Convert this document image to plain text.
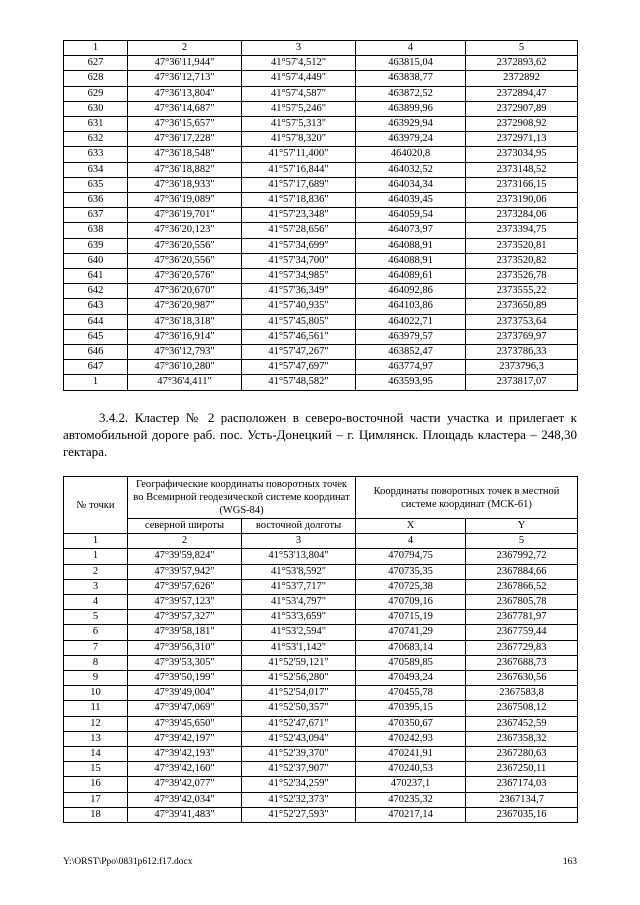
1	2	3	4	5
627	47°36'11,944"	41°57'4,512"	463815,04	2372893,62
628	47°36'12,713"	41°57'4,449"	463838,77	2372892
629	47°36'13,804"	41°57'4,587"	463872,52	2372894,47
630	47°36'14,687"	41°57'5,246"	463899,96	2372907,89
631	47°36'15,657"	41°57'5,313"	463929,94	2372908,92
632	47°36'17,228"	41°57'8,320"	463979,24	2372971,13
633	47°36'18,548"	41°57'11,400"	464020,8	2373034,95
634	47°36'18,882"	41°57'16,844"	464032,52	2373148,52
635	47°36'18,933"	41°57'17,689"	464034,34	2373166,15
636	47°36'19,089"	41°57'18,836"	464039,45	2373190,06
637	47°36'19,701"	41°57'23,348"	464059,54	2373284,06
638	47°36'20,123"	41°57'28,656"	464073,97	2373394,75
639	47°36'20,556"	41°57'34,699"	464088,91	2373520,81
640	47°36'20,556"	41°57'34,700"	464088,91	2373520,82
641	47°36'20,576"	41°57'34,985"	464089,61	2373526,78
642	47°36'20,670"	41°57'36,349"	464092,86	2373555,22
643	47°36'20,987"	41°57'40,935"	464103,86	2373650,89
644	47°36'18,318"	41°57'45,805"	464022,71	2373753,64
645	47°36'16,914"	41°57'46,561"	463979,57	2373769,97
646	47°36'12,793"	41°57'47,267"	463852,47	2373786,33
647	47°36'10,280"	41°57'47,697"	463774,97	2373796,3
1	47°36'4,411"	41°57'48,582"	463593,95	2373817,07
3.4.2. Кластер № 2 расположен в северо-восточной части участка и прилегает к автомобильной дороге раб. пос. Усть-Донецкий – г. Цимлянск. Площадь кластера – 248,30 гектара.
№ точки	Географические координаты поворотных точек во Всемирной геодезической системе координат (WGS-84)		Координаты поворотных точек в местной системе координат (МСК-61)	
	северной широты	восточной долготы	X	Y
1	2	3	4	5
1	47°39'59,824"	41°53'13,804"	470794,75	2367992,72
2	47°39'57,942"	41°53'8,592"	470735,35	2367884,66
3	47°39'57,626"	41°53'7,717"	470725,38	2367866,52
4	47°39'57,123"	41°53'4,797"	470709,16	2367805,78
5	47°39'57,327"	41°53'3,659"	470715,19	2367781,97
6	47°39'58,181"	41°53'2,594"	470741,29	2367759,44
7	47°39'56,310"	41°53'1,142"	470683,14	2367729,83
8	47°39'53,305"	41°52'59,121"	470589,85	2367688,73
9	47°39'50,199"	41°52'56,280"	470493,24	2367630,56
10	47°39'49,004"	41°52'54,017"	470455,78	2367583,8
11	47°39'47,069"	41°52'50,357"	470395,15	2367508,12
12	47°39'45,650"	41°52'47,671"	470350,67	2367452,59
13	47°39'42,197"	41°52'43,094"	470242,93	2367358,32
14	47°39'42,193"	41°52'39,370"	470241,91	2367280,63
15	47°39'42,160"	41°52'37,907"	470240,53	2367250,11
16	47°39'42,077"	41°52'34,259"	470237,1	2367174,03
17	47°39'42,034"	41°52'32,373"	470235,32	2367134,7
18	47°39'41,483"	41°52'27,593"	470217,14	2367035,16
Y:\ORST\Ppo\0831p612.f17.docx	163
